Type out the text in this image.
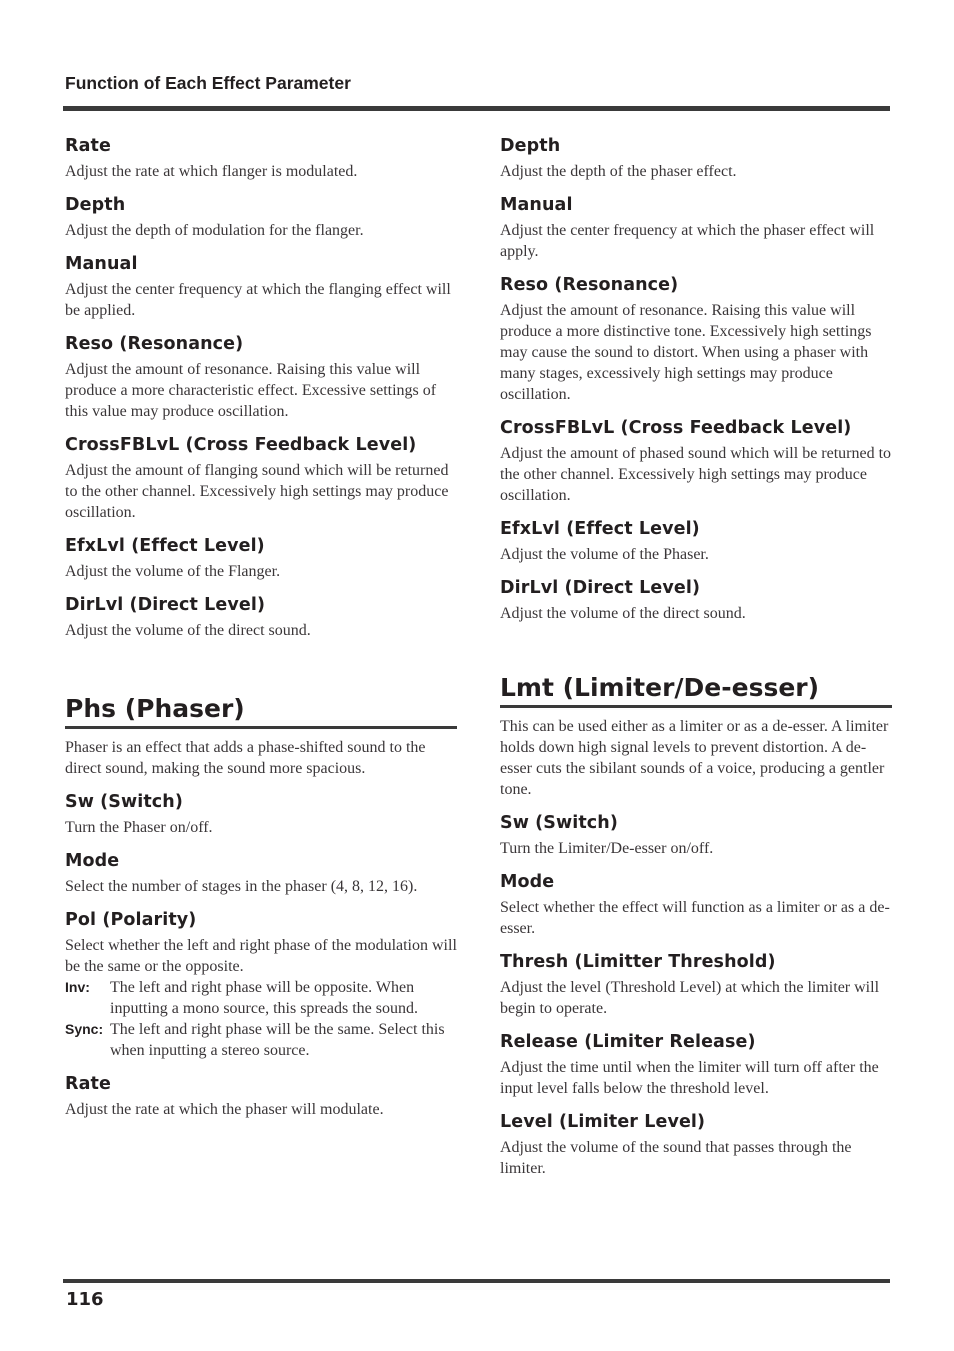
Function of Each Effect Parameter
Rate
Adjust the rate at which flanger is modulated.
Depth
Adjust the depth of modulation for the flanger.
Manual
Adjust the center frequency at which the flanging effect will be applied.
Reso (Resonance)
Adjust the amount of resonance. Raising this value will produce a more characteristic effect. Excessive settings of this value may produce oscillation.
CrossFBLvL (Cross Feedback Level)
Adjust the amount of flanging sound which will be returned to the other channel. Excessively high settings may produce oscillation.
EfxLvl (Effect Level)
Adjust the volume of the Flanger.
DirLvl (Direct Level)
Adjust the volume of the direct sound.
Phs (Phaser)
Phaser is an effect that adds a phase-shifted sound to the direct sound, making the sound more spacious.
Sw (Switch)
Turn the Phaser on/off.
Mode
Select the number of stages in the phaser (4, 8, 12, 16).
Pol (Polarity)
Select whether the left and right phase of the modulation will be the same or the opposite.
Inv:	The left and right phase will be opposite. When inputting a mono source, this spreads the sound.
Sync: The left and right phase will be the same. Select this when inputting a stereo source.
Rate
Adjust the rate at which the phaser will modulate.
Depth
Adjust the depth of the phaser effect.
Manual
Adjust the center frequency at which the phaser effect will apply.
Reso (Resonance)
Adjust the amount of resonance. Raising this value will produce a more distinctive tone. Excessively high settings may cause the sound to distort. When using a phaser with many stages, excessively high settings may produce oscillation.
CrossFBLvL (Cross Feedback Level)
Adjust the amount of phased sound which will be returned to the other channel. Excessively high settings may produce oscillation.
EfxLvl (Effect Level)
Adjust the volume of the Phaser.
DirLvl (Direct Level)
Adjust the volume of the direct sound.
Lmt (Limiter/De-esser)
This can be used either as a limiter or as a de-esser. A limiter holds down high signal levels to prevent distortion. A de-esser cuts the sibilant sounds of a voice, producing a gentler tone.
Sw (Switch)
Turn the Limiter/De-esser on/off.
Mode
Select whether the effect will function as a limiter or as a de-esser.
Thresh (Limitter Threshold)
Adjust the level (Threshold Level) at which the limiter will begin to operate.
Release (Limiter Release)
Adjust the time until when the limiter will turn off after the input level falls below the threshold level.
Level (Limiter Level)
Adjust the volume of the sound that passes through the limiter.
116
